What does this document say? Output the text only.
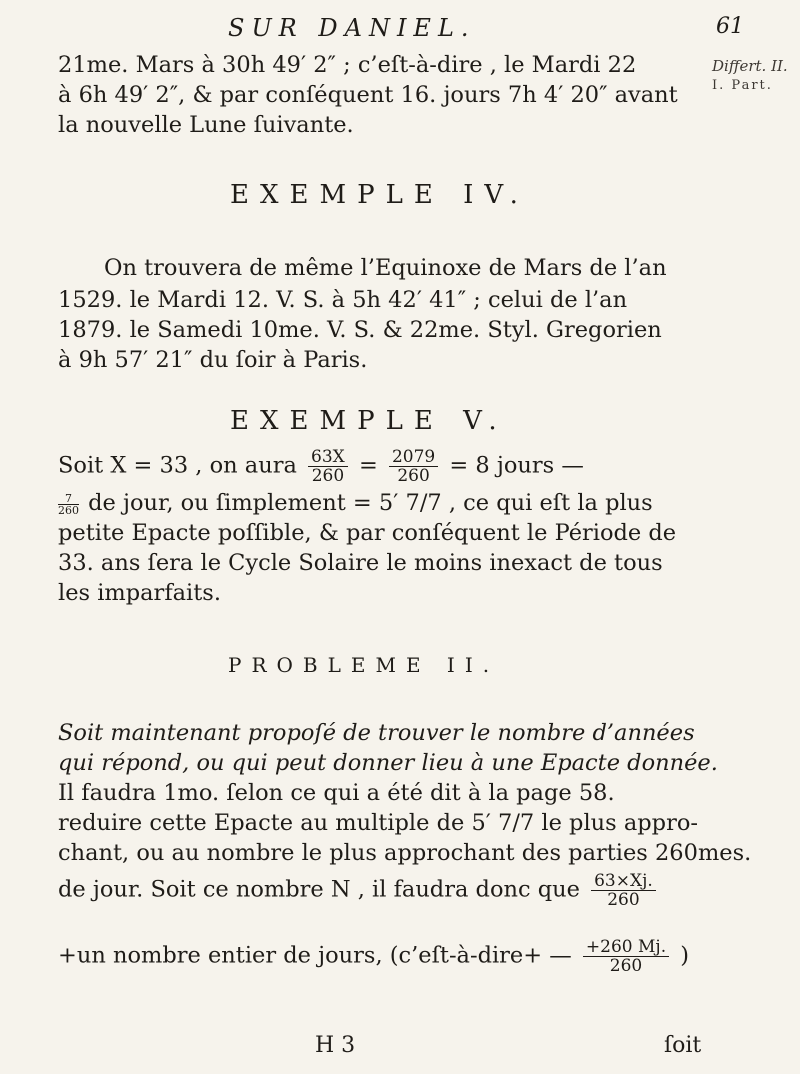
SUR DANIEL.	61
Differt. II.
I. Part.
21me. Mars à 30h 49′ 2″ ; c’eſt-à-dire , le Mardi 22
à 6h 49′ 2″, & par conſéquent 16. jours 7h 4′ 20″ avant
la nouvelle Lune ſuivante.
EXEMPLE IV.
On trouvera de même l’Equinoxe de Mars de l’an
1529. le Mardi 12. V. S. à 5h 42′ 41″ ; celui de l’an
1879. le Samedi 10me. V. S. & 22me. Styl. Gregorien
à 9h 57′ 21″ du ſoir à Paris.
EXEMPLE V.
Soit X = 33 , on aura $\frac{63X}{260} = \frac{2079}{260} = 8$ jours —
$\frac{7}{260}$ de jour, ou ſimplement = 5′ 7/7 , ce qui eſt la plus
petite Epacte poſſible, & par conſéquent le Période de
33. ans ſera le Cycle Solaire le moins inexact de tous
les imparfaits.
PROBLEME II.
Soit maintenant propoſé de trouver le nombre d’années
qui répond, ou qui peut donner lieu à une Epacte donnée.
Il faudra 1mo. ſelon ce qui a été dit à la page 58.
reduire cette Epacte au multiple de 5′ 7/7 le plus appro-
chant, ou au nombre le plus approchant des parties 260mes.
de jour. Soit ce nombre N , il faudra donc que $\frac{63\times Xj.}{260}$
+un nombre entier de jours, (c’eſt-à-dire+ — $\frac{+260 Mj.}{260}$ )
H 3	ſoit
